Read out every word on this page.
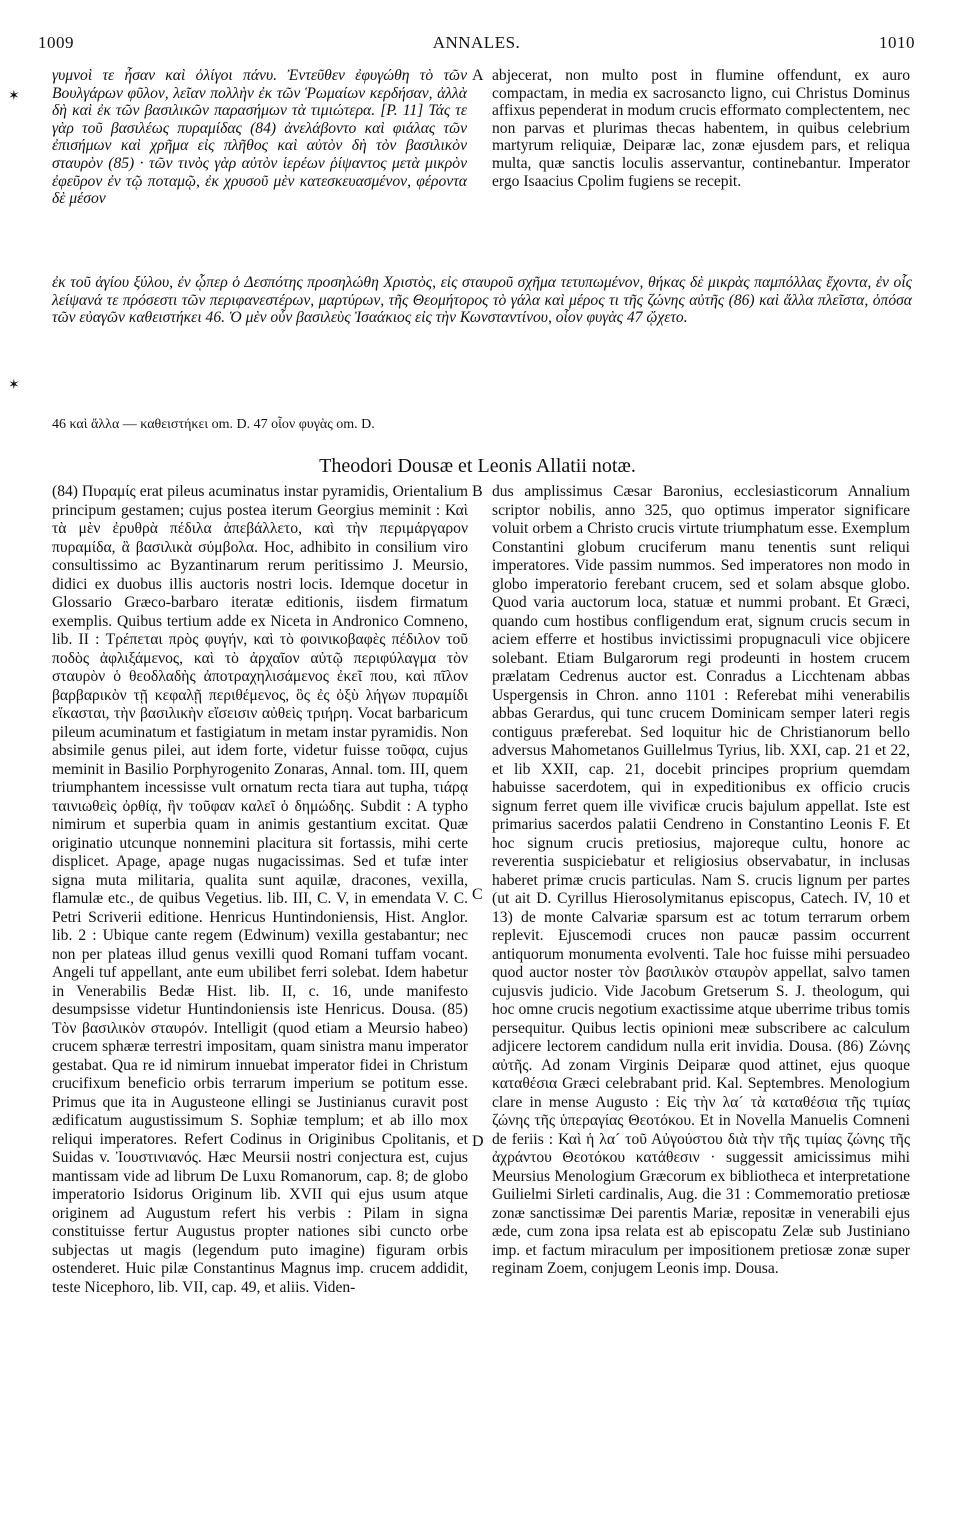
1009	ANNALES.	1010
✶
✶
A
B
C
D

γυμνοὶ τε ἦσαν καὶ ὀλίγοι πάνυ. Ἐντεῦθεν ἐφυγώθη τὸ τῶν Βουλγάρων φῦλον, λεῖαν πολλὴν ἐκ τῶν Ῥωμαίων κερδήσαν, ἀλλὰ δὴ καὶ ἐκ τῶν βασιλικῶν παρασήμων τὰ τιμιώτερα. [P. 11] Τάς τε γὰρ τοῦ βασιλέως πυραμίδας (84) ἀνελάβοντο καὶ φιάλας τῶν ἐπισήμων καὶ χρῆμα εἰς πλῆθος καὶ αὐτὸν δὴ τὸν βασιλικὸν σταυρὸν (85) · τῶν τινὸς γὰρ αὐτὸν ἱερέων ῥίψαντος μετὰ μικρὸν ἐφεῦρον ἐν τῷ ποταμῷ, ἐκ χρυσοῦ μὲν κατεσκευασμένον, φέροντα δὲ μέσον

abjecerat, non multo post in flumine offendunt, ex auro compactam, in media ex sacrosancto ligno, cui Christus Dominus affixus pependerat in modum crucis efformato complectentem, nec non parvas et plurimas thecas habentem, in quibus celebrium martyrum reliquiæ, Deiparæ lac, zonæ ejusdem pars, et reliqua multa, quæ sanctis loculis asservantur, continebantur. Imperator ergo Isaacius Cpolim fugiens se recepit.

ἐκ τοῦ ἁγίου ξύλου, ἐν ᾧπερ ὁ Δεσπότης προσηλώθη Χριστὸς, εἰς σταυροῦ σχῆμα τετυπωμένον, θήκας δὲ μικρὰς παμπόλλας ἔχοντα, ἐν οἷς λείψανά τε πρόσεστι τῶν περιφανεστέρων, μαρτύρων, τῆς Θεομήτορος τὸ γάλα καὶ μέρος τι τῆς ζώνης αὐτῆς (86) καὶ ἄλλα πλεῖστα, ὁπόσα τῶν εὐαγῶν καθειστήκει 46. Ὁ μὲν οὖν βασιλεὺς Ἰσαάκιος εἰς τὴν Κωνσταντίνου, οἷον φυγὰς 47 ᾤχετο.

46 καὶ ἄλλα — καθειστήκει om. D. 47 οἷον φυγὰς om. D.

Theodori Dousæ et Leonis Allatii notæ.

(84) Πυραμίς erat pileus acuminatus instar pyramidis, Orientalium principum gestamen; cujus postea iterum Georgius meminit : Καὶ τὰ μὲν ἐρυθρὰ πέδιλα ἀπεβάλλετο, καὶ τὴν περιμάργαρον πυραμίδα, ἃ βασιλικὰ σύμβολα. Hoc, adhibito in consilium viro consultissimo ac Byzantinarum rerum peritissimo J. Meursio, didici ex duobus illis auctoris nostri locis. Idemque docetur in Glossario Græco-barbaro iteratæ editionis, iisdem firmatum exemplis. Quibus tertium adde ex Niceta in Andronico Comneno, lib. II : Τρέπεται πρὸς φυγήν, καὶ τὸ φοινικοβαφὲς πέδιλον τοῦ ποδὸς ἀφλιξάμενος, καὶ τὸ ἀρχαῖον αὐτῷ περιφύλαγμα τὸν σταυρὸν ὁ θεοδλαδὴς ἀποτραχηλισάμενος ἐκεῖ που, καὶ πῖλον βαρβαρικὸν τῇ κεφαλῇ περιθέμενος, ὃς ἐς ὀξὺ λήγων πυραμίδι εἴκασται, τὴν βασιλικὴν εἴσεισιν αὐθεὶς τριήρη. Vocat barbaricum pileum acuminatum et fastigiatum in metam instar pyramidis. Non absimile genus pilei, aut idem forte, videtur fuisse τοῦφα, cujus meminit in Basilio Porphyrogenito Zonaras, Annal. tom. III, quem triumphantem incessisse vult ornatum recta tiara aut tupha, τιάρᾳ ταινιωθεὶς ὀρθίᾳ, ἣν τοῦφαν καλεῖ ὁ δημώδης. Subdit : A typho nimirum et superbia quam in animis gestantium excitat. Quæ originatio utcunque nonnemini placitura sit fortassis, mihi certe displicet. Apage, apage nugas nugacissimas. Sed et tufæ inter signa muta militaria, qualita sunt aquilæ, dracones, vexilla, flamulæ etc., de quibus Vegetius. lib. III, C. V, in emendata V. C. Petri Scriverii editione. Henricus Huntindoniensis, Hist. Anglor. lib. 2 : Ubique cante regem (Edwinum) vexilla gestabantur; nec non per plateas illud genus vexilli quod Romani tuffam vocant. Angeli tuf appellant, ante eum ubilibet ferri solebat. Idem habetur in Venerabilis Bedæ Hist. lib. II, c. 16, unde manifesto desumpsisse videtur Huntindoniensis iste Henricus. Dousa. (85) Τὸν βασιλικὸν σταυρόν. Intelligit (quod etiam a Meursio habeo) crucem sphæræ terrestri impositam, quam sinistra manu imperator gestabat. Qua re id nimirum innuebat imperator fidei in Christum crucifixum beneficio orbis terrarum imperium se potitum esse. Primus que ita in Augusteone ellingi se Justinianus curavit post ædificatum augustissimum S. Sophiæ templum; et ab illo mox reliqui imperatores. Refert Codinus in Originibus Cpolitanis, et Suidas v. Ἰουστινιανός. Hæc Meursii nostri conjectura est, cujus mantissam vide ad librum De Luxu Romanorum, cap. 8; de globo imperatorio Isidorus Originum lib. XVII qui ejus usum atque originem ad Augustum refert his verbis : Pilam in signa constituisse fertur Augustus propter nationes sibi cuncto orbe subjectas ut magis (legendum puto imagine) figuram orbis ostenderet. Huic pilæ Constantinus Magnus imp. crucem addidit, teste Nicephoro, lib. VII, cap. 49, et aliis. Viden-

dus amplissimus Cæsar Baronius, ecclesiasticorum Annalium scriptor nobilis, anno 325, quo optimus imperator significare voluit orbem a Christo crucis virtute triumphatum esse. Exemplum Constantini globum cruciferum manu tenentis sunt reliqui imperatores. Vide passim nummos. Sed imperatores non modo in globo imperatorio ferebant crucem, sed et solam absque globo. Quod varia auctorum loca, statuæ et nummi probant. Et Græci, quando cum hostibus confligendum erat, signum crucis secum in aciem efferre et hostibus invictissimi propugnaculi vice objicere solebant. Etiam Bulgarorum regi prodeunti in hostem crucem prælatam Cedrenus auctor est. Conradus a Licchtenam abbas Uspergensis in Chron. anno 1101 : Referebat mihi venerabilis abbas Gerardus, qui tunc crucem Dominicam semper lateri regis contiguus præferebat. Sed loquitur hic de Christianorum bello adversus Mahometanos Guillelmus Tyrius, lib. XXI, cap. 21 et 22, et lib XXII, cap. 21, docebit principes proprium quemdam habuisse sacerdotem, qui in expeditionibus ex officio crucis signum ferret quem ille vivificæ crucis bajulum appellat. Iste est primarius sacerdos palatii Cendreno in Constantino Leonis F. Et hoc signum crucis pretiosius, majoreque cultu, honore ac reverentia suspiciebatur et religiosius observabatur, in inclusas haberet primæ crucis particulas. Nam S. crucis lignum per partes (ut ait D. Cyrillus Hierosolymitanus episcopus, Catech. IV, 10 et 13) de monte Calvariæ sparsum est ac totum terrarum orbem replevit. Ejuscemodi cruces non paucæ passim occurrent antiquorum monumenta evolventi. Tale hoc fuisse mihi persuadeo quod auctor noster τὸν βασιλικὸν σταυρὸν appellat, salvo tamen cujusvis judicio. Vide Jacobum Gretserum S. J. theologum, qui hoc omne crucis negotium exactissime atque uberrime tribus tomis persequitur. Quibus lectis opinioni meæ subscribere ac calculum adjicere lectorem candidum nulla erit invidia. Dousa. (86) Ζώνης αὐτῆς. Ad zonam Virginis Deiparæ quod attinet, ejus quoque καταθέσια Græci celebrabant prid. Kal. Septembres. Menologium clare in mense Augusto : Εἰς τὴν λα´ τὰ καταθέσια τῆς τιμίας ζώνης τῆς ὑπεραγίας Θεοτόκου. Et in Novella Manuelis Comneni de feriis : Καὶ ἡ λα´ τοῦ Αὐγούστου διὰ τὴν τῆς τιμίας ζώνης τῆς ἀχράντου Θεοτόκου κατάθεσιν · suggessit amicissimus mihi Meursius Menologium Græcorum ex bibliotheca et interpretatione Guilielmi Sirleti cardinalis, Aug. die 31 : Commemoratio pretiosæ zonæ sanctissimæ Dei parentis Mariæ, repositæ in venerabili ejus æde, cum zona ipsa relata est ab episcopatu Zelæ sub Justiniano imp. et factum miraculum per impositionem pretiosæ zonæ super reginam Zoem, conjugem Leonis imp. Dousa.
